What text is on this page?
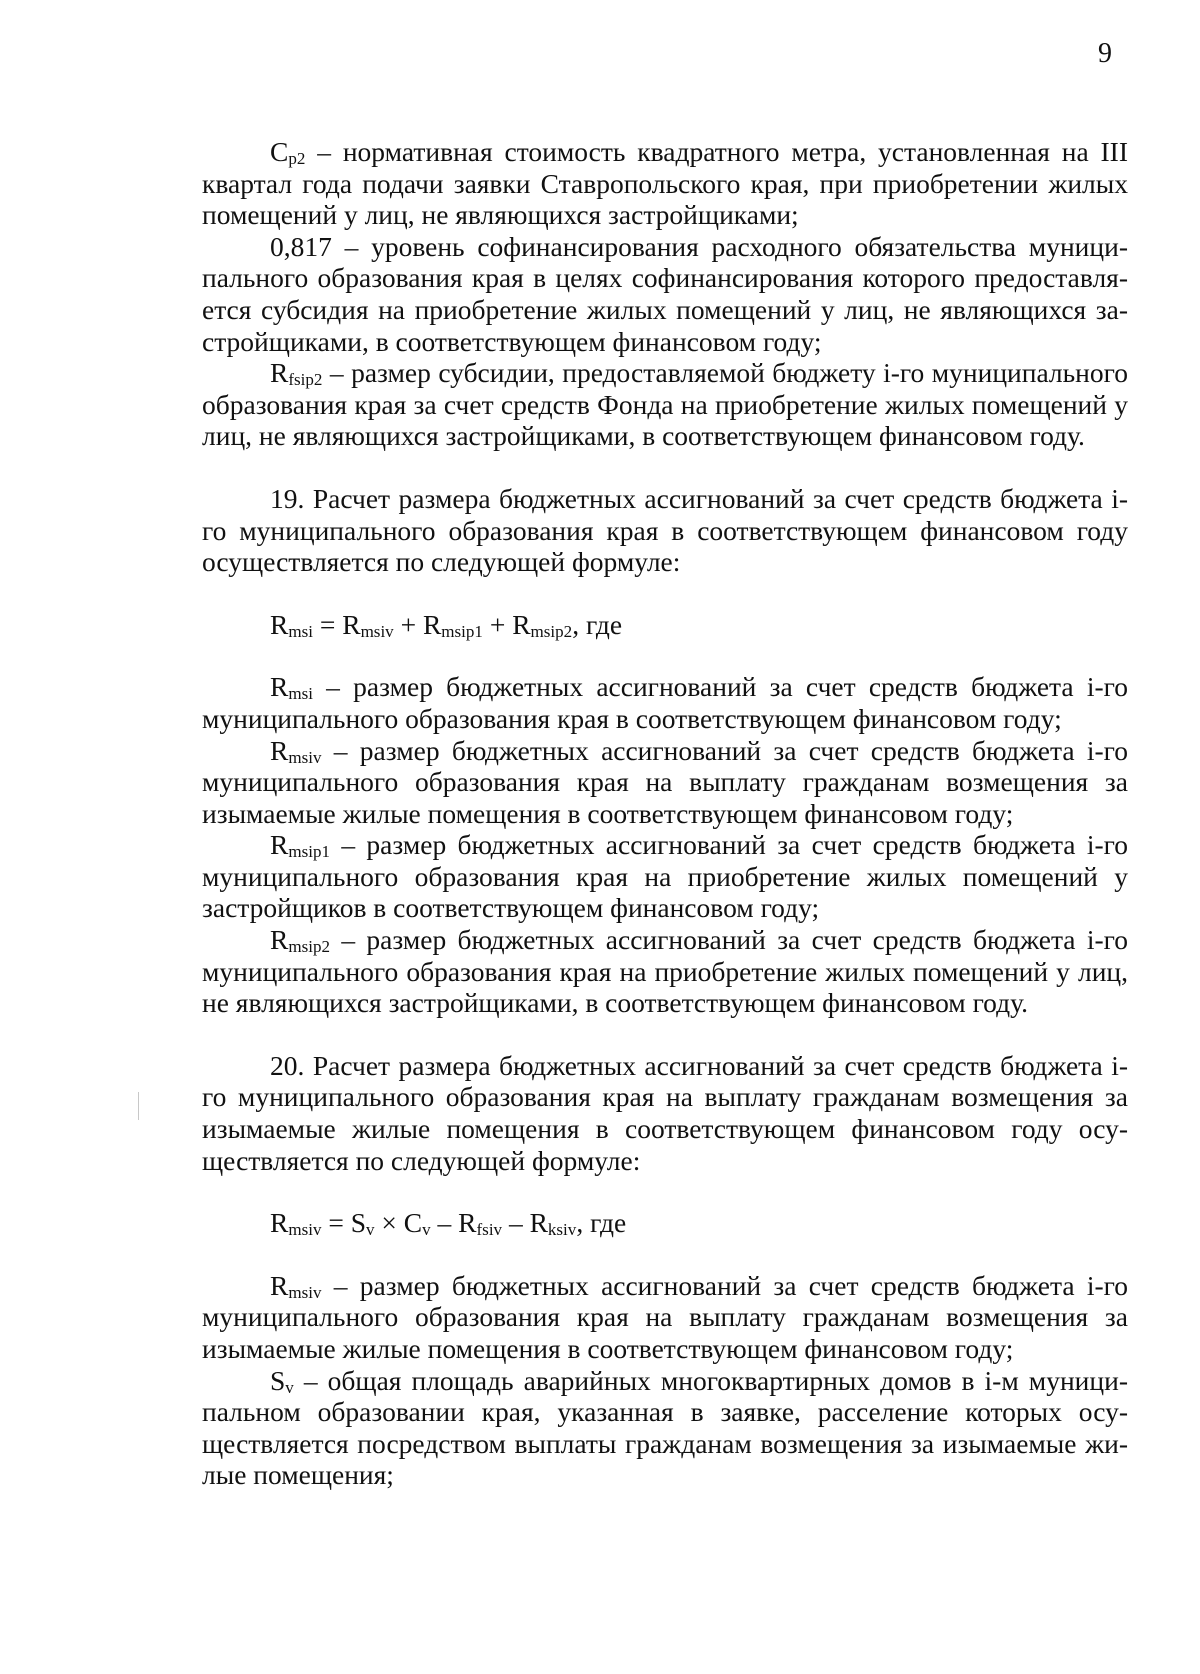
9

$C_{p2}$ – нормативная стоимость квадратного метра, установленная на III квартал года подачи заявки Ставропольского края, при приобретении жилых помещений у лиц, не являющихся застройщиками;

0,817 – уровень софинансирования расходного обязательства муниципального образования края в целях софинансирования которого предоставляется субсидия на приобретение жилых помещений у лиц, не являющихся застройщиками, в соответствующем финансовом году;

$R_{fsip2}$ – размер субсидии, предоставляемой бюджету i-го муниципального образования края за счет средств Фонда на приобретение жилых помещений у лиц, не являющихся застройщиками, в соответствующем финансовом году.

19. Расчет размера бюджетных ассигнований за счет средств бюджета i-го муниципального образования края в соответствующем финансовом году осуществляется по следующей формуле:

$R_{msi} = R_{msiv} + R_{msip1} + R_{msip2}$, где

$R_{msi}$ – размер бюджетных ассигнований за счет средств бюджета i-го муниципального образования края в соответствующем финансовом году;

$R_{msiv}$ – размер бюджетных ассигнований за счет средств бюджета i-го муниципального образования края на выплату гражданам возмещения за изымаемые жилые помещения в соответствующем финансовом году;

$R_{msip1}$ – размер бюджетных ассигнований за счет средств бюджета i-го муниципального образования края на приобретение жилых помещений у застройщиков в соответствующем финансовом году;

$R_{msip2}$ – размер бюджетных ассигнований за счет средств бюджета i-го муниципального образования края на приобретение жилых помещений у лиц, не являющихся застройщиками, в соответствующем финансовом году.

20. Расчет размера бюджетных ассигнований за счет средств бюджета i-го муниципального образования края на выплату гражданам возмещения за изымаемые жилые помещения в соответствующем финансовом году осуществляется по следующей формуле:

$R_{msiv} = S_v \times C_v - R_{fsiv} - R_{ksiv}$, где

$R_{msiv}$ – размер бюджетных ассигнований за счет средств бюджета i-го муниципального образования края на выплату гражданам возмещения за изымаемые жилые помещения в соответствующем финансовом году;

$S_v$ – общая площадь аварийных многоквартирных домов в i-м муниципальном образовании края, указанная в заявке, расселение которых осуществляется посредством выплаты гражданам возмещения за изымаемые жилые помещения;
